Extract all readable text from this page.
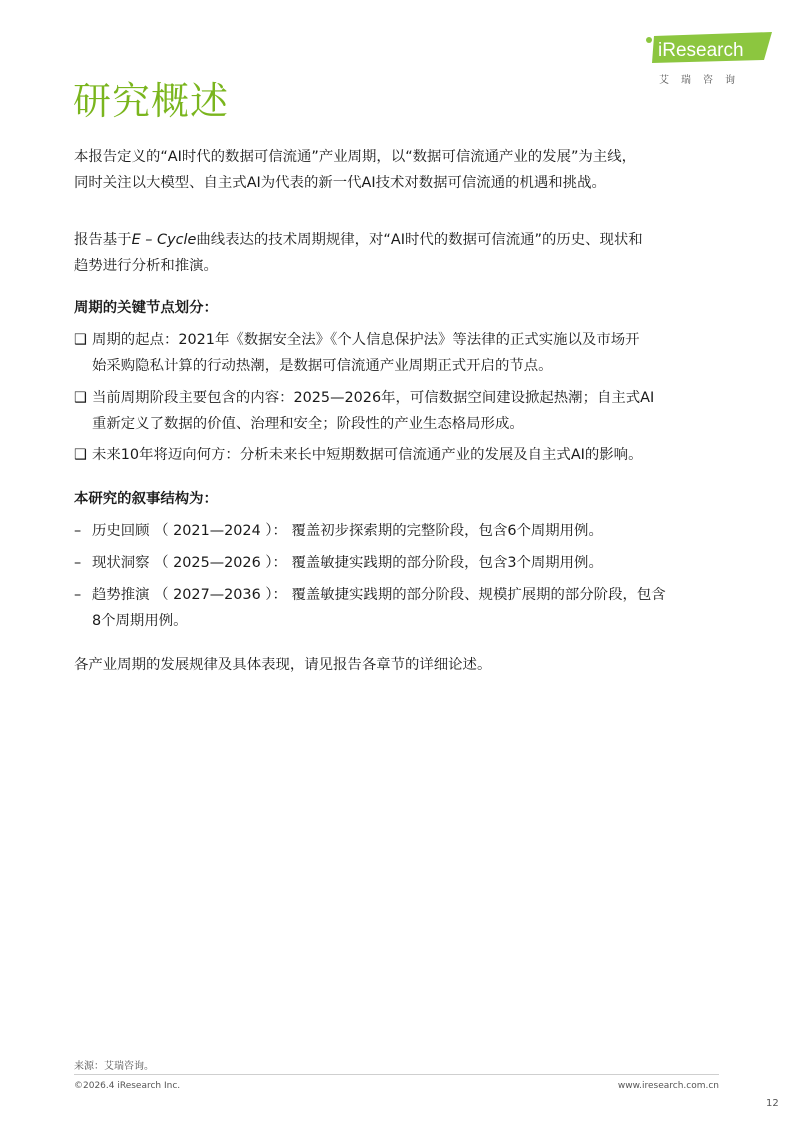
研究概述
iResearch
艾瑞咨询
本报告定义的“AI时代的数据可信流通”产业周期，以“数据可信流通产业的发展”为主线，
同时关注以大模型、自主式AI为代表的新一代AI技术对数据可信流通的机遇和挑战。
报告基于E – Cycle曲线表达的技术周期规律，对“AI时代的数据可信流通”的历史、现状和
趋势进行分析和推演。
周期的关键节点划分：
❑ 周期的起点：2021年《数据安全法》《个人信息保护法》等法律的正式实施以及市场开
始采购隐私计算的行动热潮，是数据可信流通产业周期正式开启的节点。
❑ 当前周期阶段主要包含的内容：2025—2026年，可信数据空间建设掀起热潮；自主式AI
重新定义了数据的价值、治理和安全；阶段性的产业生态格局形成。
❑ 未来10年将迈向何方：分析未来长中短期数据可信流通产业的发展及自主式AI的影响。
本研究的叙事结构为：
– 历史回顾 （ 2021—2024 ）： 覆盖初步探索期的完整阶段，包含6个周期用例。
– 现状洞察 （ 2025—2026 ）： 覆盖敏捷实践期的部分阶段，包含3个周期用例。
– 趋势推演 （ 2027—2036 ）： 覆盖敏捷实践期的部分阶段、规模扩展期的部分阶段，包含
8个周期用例。
各产业周期的发展规律及具体表现，请见报告各章节的详细论述。
来源：艾瑞咨询。
©2026.4 iResearch Inc.	www.iresearch.com.cn
12
